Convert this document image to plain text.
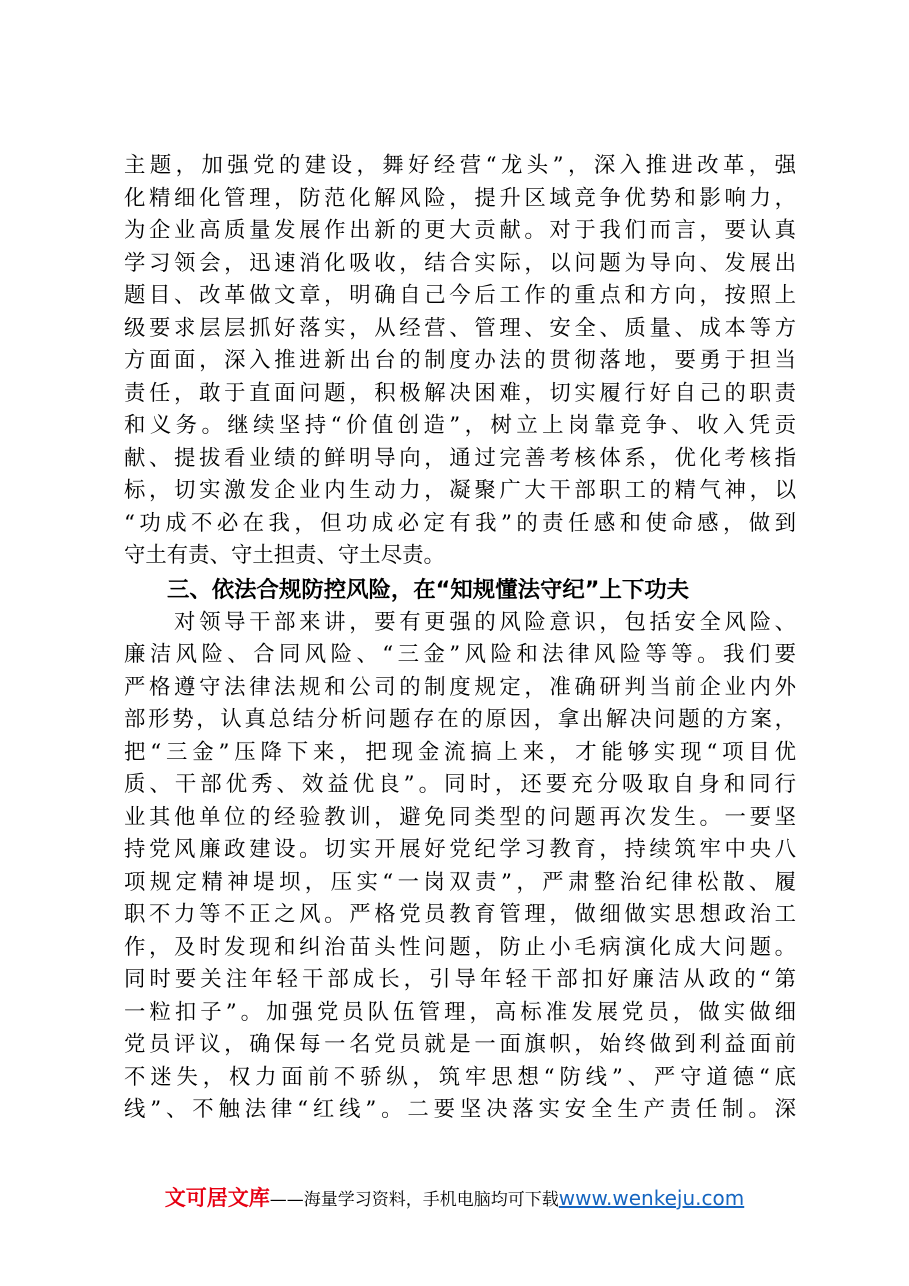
主题，加强党的建设，舞好经营“龙头”，深入推进改革，强
化精细化管理，防范化解风险，提升区域竞争优势和影响力，
为企业高质量发展作出新的更大贡献。对于我们而言，要认真
学习领会，迅速消化吸收，结合实际，以问题为导向、发展出
题目、改革做文章，明确自己今后工作的重点和方向，按照上
级要求层层抓好落实，从经营、管理、安全、质量、成本等方
方面面，深入推进新出台的制度办法的贯彻落地，要勇于担当
责任，敢于直面问题，积极解决困难，切实履行好自己的职责
和义务。继续坚持“价值创造”，树立上岗靠竞争、收入凭贡
献、提拔看业绩的鲜明导向，通过完善考核体系，优化考核指
标，切实激发企业内生动力，凝聚广大干部职工的精气神，以
“功成不必在我，但功成必定有我”的责任感和使命感，做到
守土有责、守土担责、守土尽责。
三、依法合规防控风险，在“知规懂法守纪”上下功夫
　　对领导干部来讲，要有更强的风险意识，包括安全风险、
廉洁风险、合同风险、“三金”风险和法律风险等等。我们要
严格遵守法律法规和公司的制度规定，准确研判当前企业内外
部形势，认真总结分析问题存在的原因，拿出解决问题的方案，
把“三金”压降下来，把现金流搞上来，才能够实现“项目优
质、干部优秀、效益优良”。同时，还要充分吸取自身和同行
业其他单位的经验教训，避免同类型的问题再次发生。一要坚
持党风廉政建设。切实开展好党纪学习教育，持续筑牢中央八
项规定精神堤坝，压实“一岗双责”，严肃整治纪律松散、履
职不力等不正之风。严格党员教育管理，做细做实思想政治工
作，及时发现和纠治苗头性问题，防止小毛病演化成大问题。
同时要关注年轻干部成长，引导年轻干部扣好廉洁从政的“第
一粒扣子”。加强党员队伍管理，高标准发展党员，做实做细
党员评议，确保每一名党员就是一面旗帜，始终做到利益面前
不迷失，权力面前不骄纵，筑牢思想“防线”、严守道德“底
线”、不触法律“红线”。二要坚决落实安全生产责任制。深
文可居文库——海量学习资料，手机电脑均可下载www.wenkeju.com
